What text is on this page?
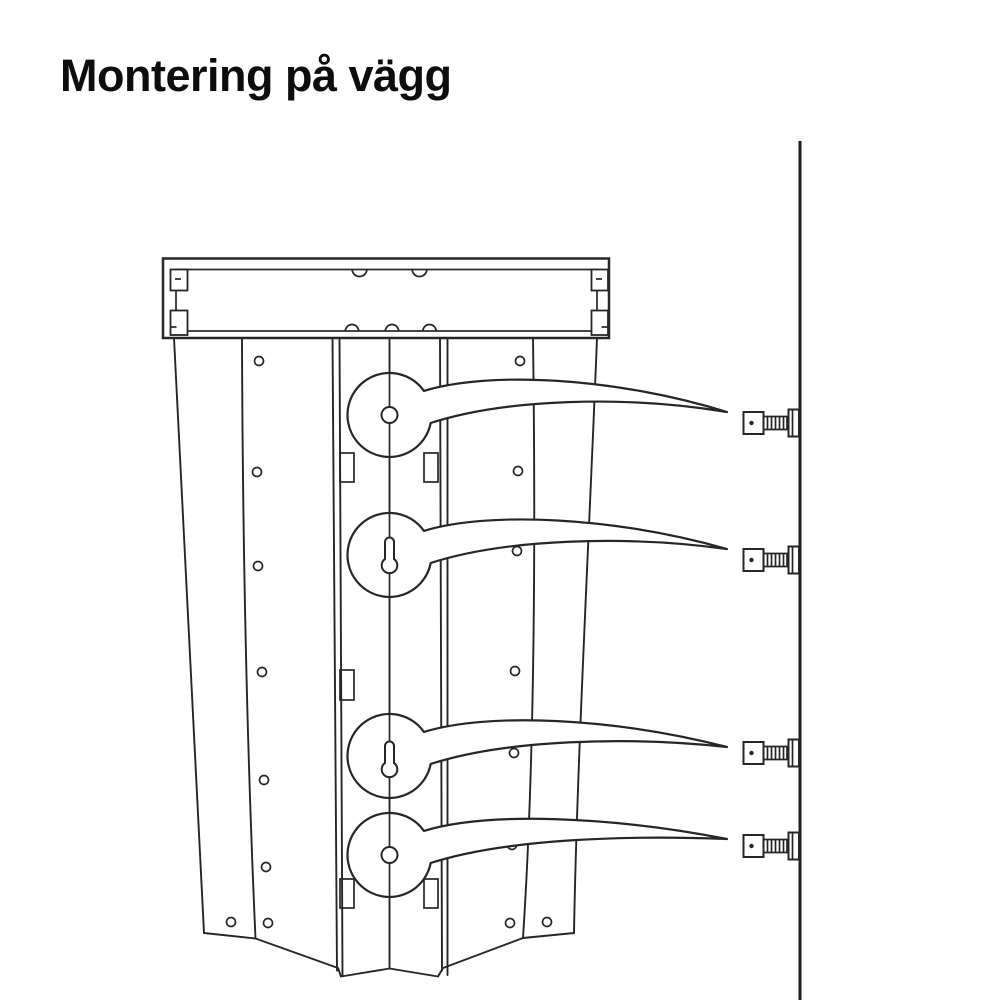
Montering på vägg
